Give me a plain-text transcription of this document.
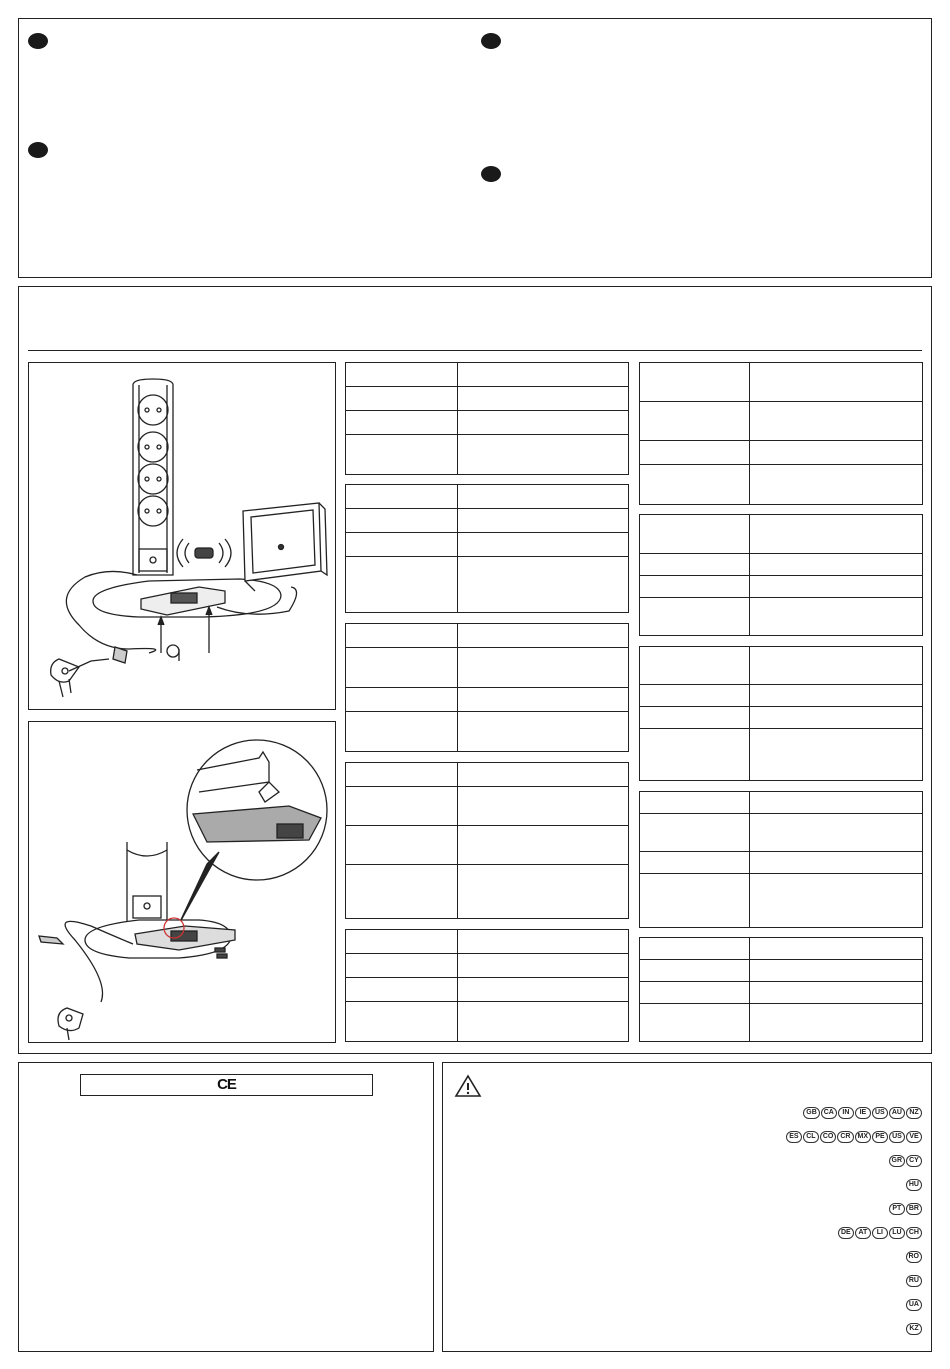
CE
GB	CA	IN	IE	US	AU	NZ
ES	CL	CO	CR	MX	PE	US	VE
GR	CY
HU
PT	BR
DE	AT	LI	LU	CH
RO
RU
UA
KZ
